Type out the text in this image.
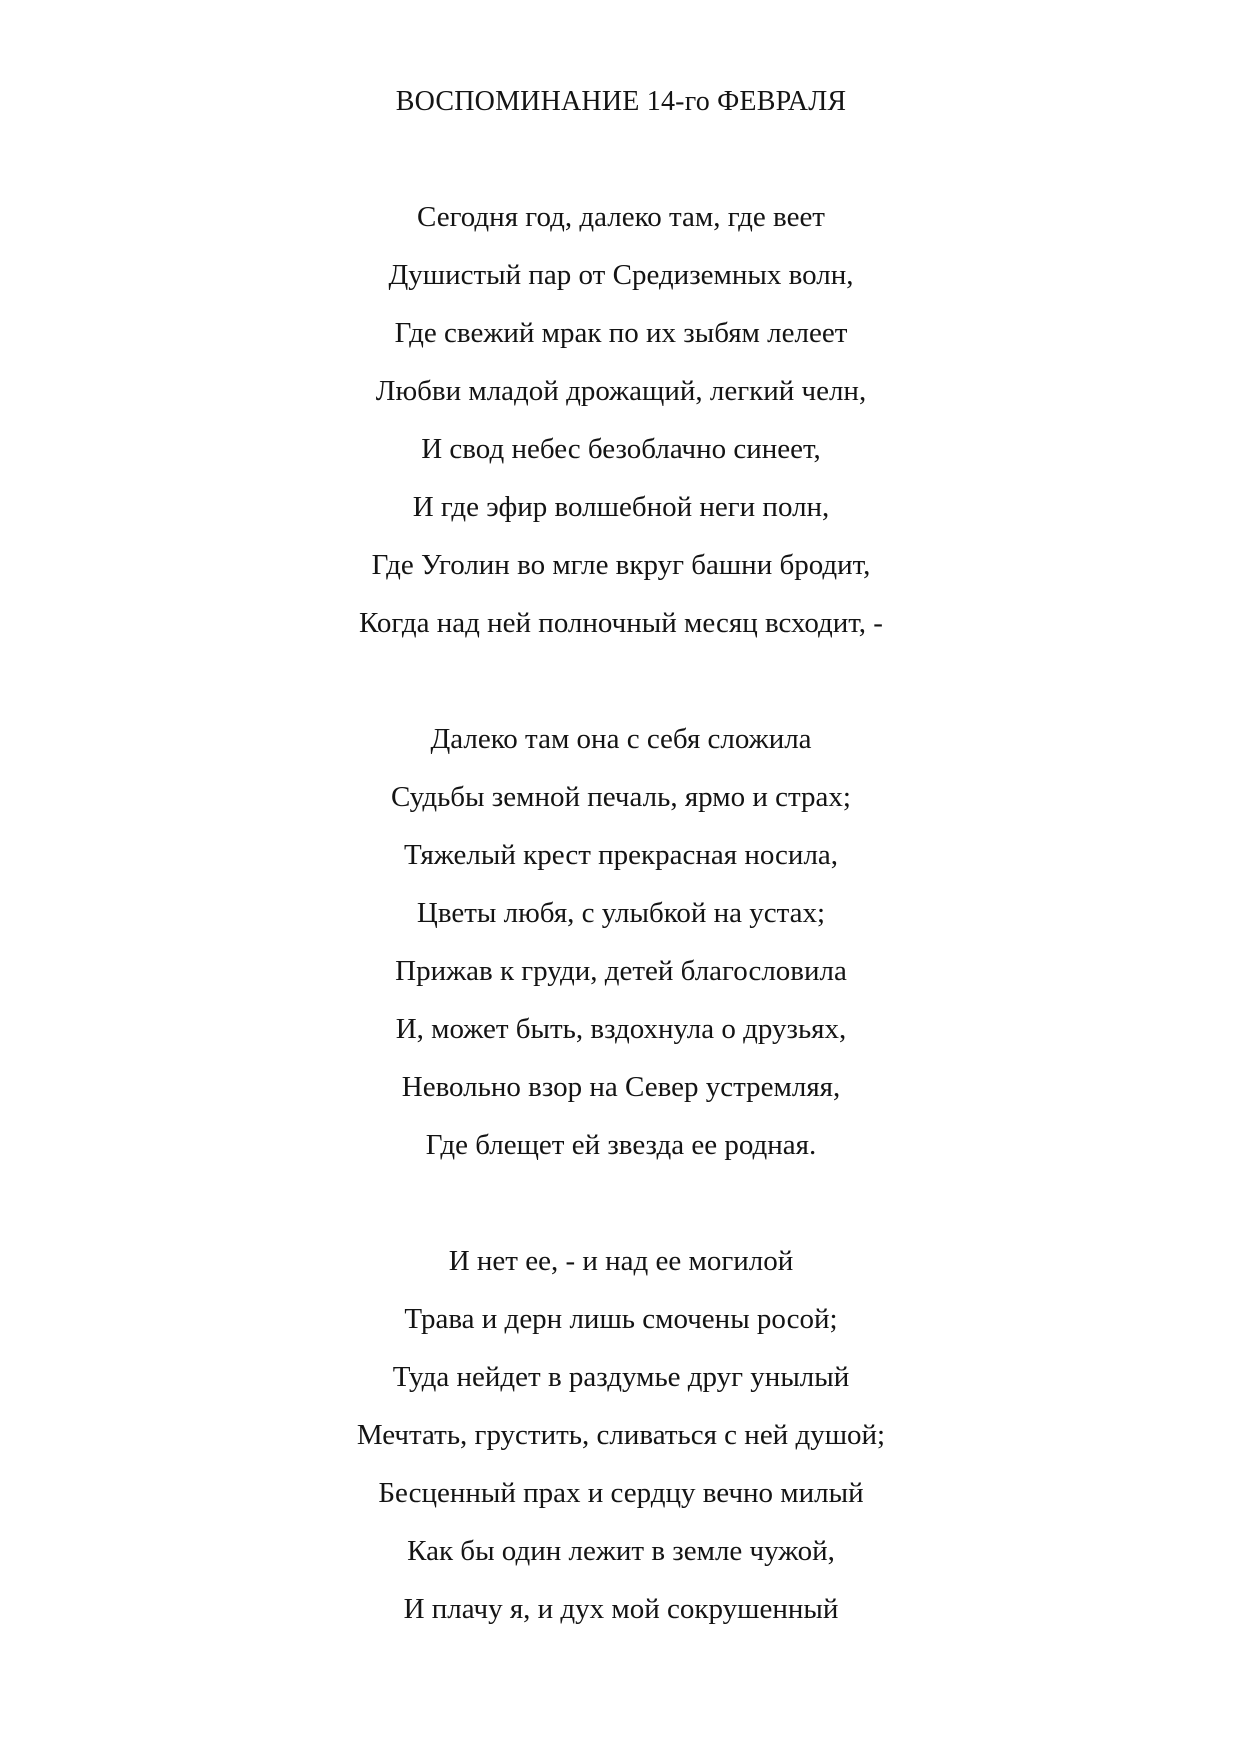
ВОСПОМИНАНИЕ 14-го ФЕВРАЛЯ
Сегодня год, далеко там, где веет
Душистый пар от Средиземных волн,
Где свежий мрак по их зыбям лелеет
Любви младой дрожащий, легкий челн,
И свод небес безоблачно синеет,
И где эфир волшебной неги полн,
Где Уголин во мгле вкруг башни бродит,
Когда над ней полночный месяц всходит, -
Далеко там она с себя сложила
Судьбы земной печаль, ярмо и страх;
Тяжелый крест прекрасная носила,
Цветы любя, с улыбкой на устах;
Прижав к груди, детей благословила
И, может быть, вздохнула о друзьях,
Невольно взор на Север устремляя,
Где блещет ей звезда ее родная.
И нет ее, - и над ее могилой
Трава и дерн лишь смочены росой;
Туда нейдет в раздумье друг унылый
Мечтать, грустить, сливаться с ней душой;
Бесценный прах и сердцу вечно милый
Как бы один лежит в земле чужой,
И плачу я, и дух мой сокрушенный
